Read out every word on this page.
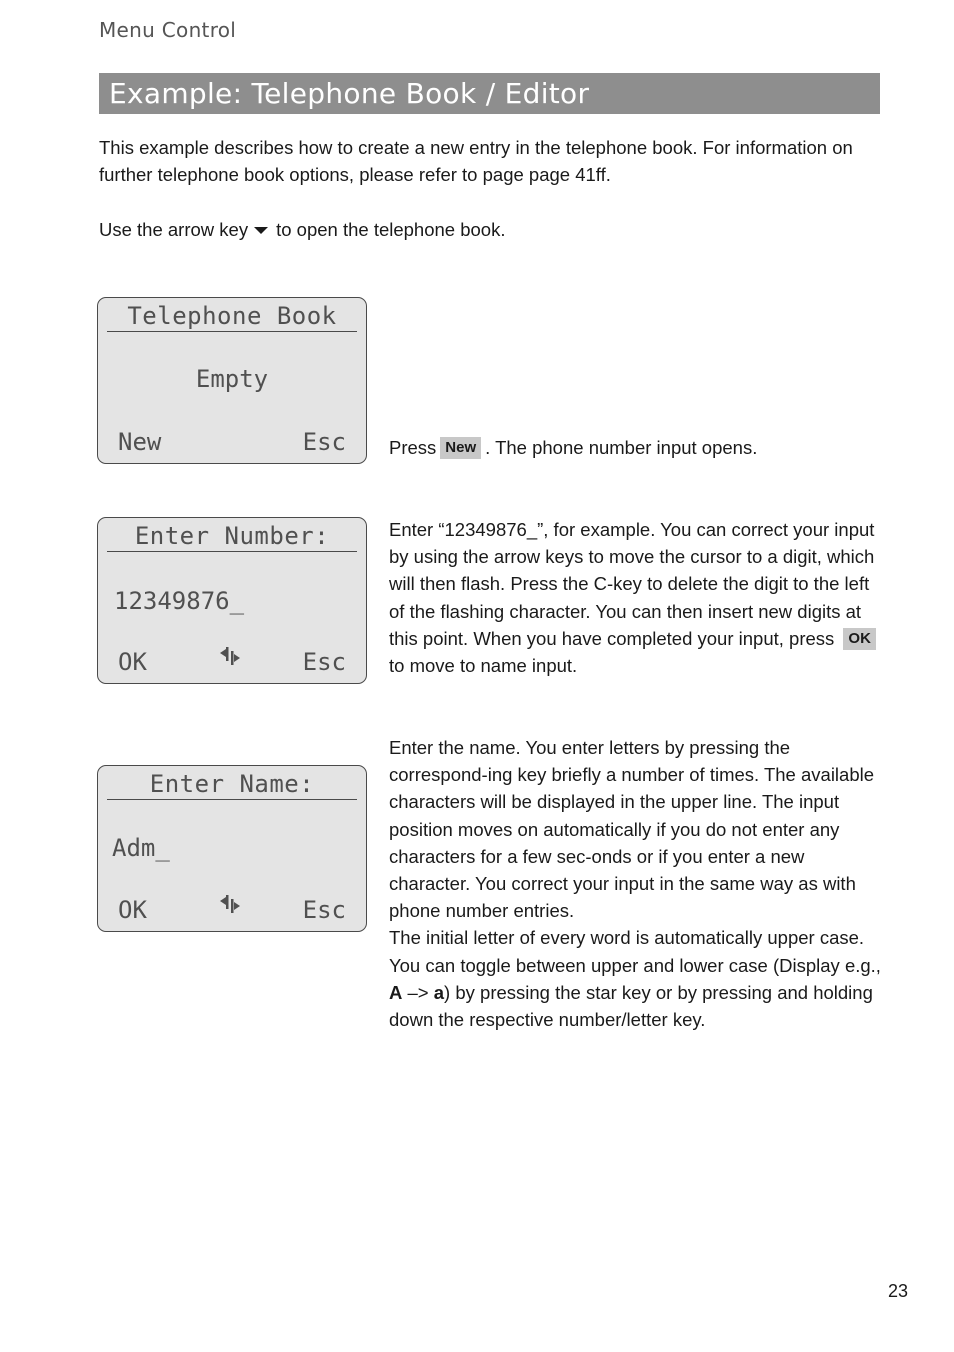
Menu Control
Example: Telephone Book / Editor
This example describes how to create a new entry in the telephone book. For information on further telephone book options, please refer to page page 41ff.
Use the arrow key to open the telephone book.
Telephone Book
Empty
New	Esc Press New . The phone number input opens.
Enter Number:
12349876_
OK	Esc
Enter “12349876_”, for example. You can correct your input by using the arrow keys to move the cursor to a digit, which will then flash. Press the C-key to delete the digit to the left of the flashing character. You can then insert new digits at this point. When you have completed your input, press OK to move to name input.
Enter Name:
Adm_
OK	Esc
Enter the name. You enter letters by pressing the correspond-ing key briefly a number of times. The available characters will be displayed in the upper line. The input position moves on automatically if you do not enter any characters for a few sec-onds or if you enter a new character. You correct your input in the same way as with phone number entries.
The initial letter of every word is automatically upper case. You can toggle between upper and lower case (Display e.g., A –> a) by pressing the star key or by pressing and holding down the respective number/letter key.
23
